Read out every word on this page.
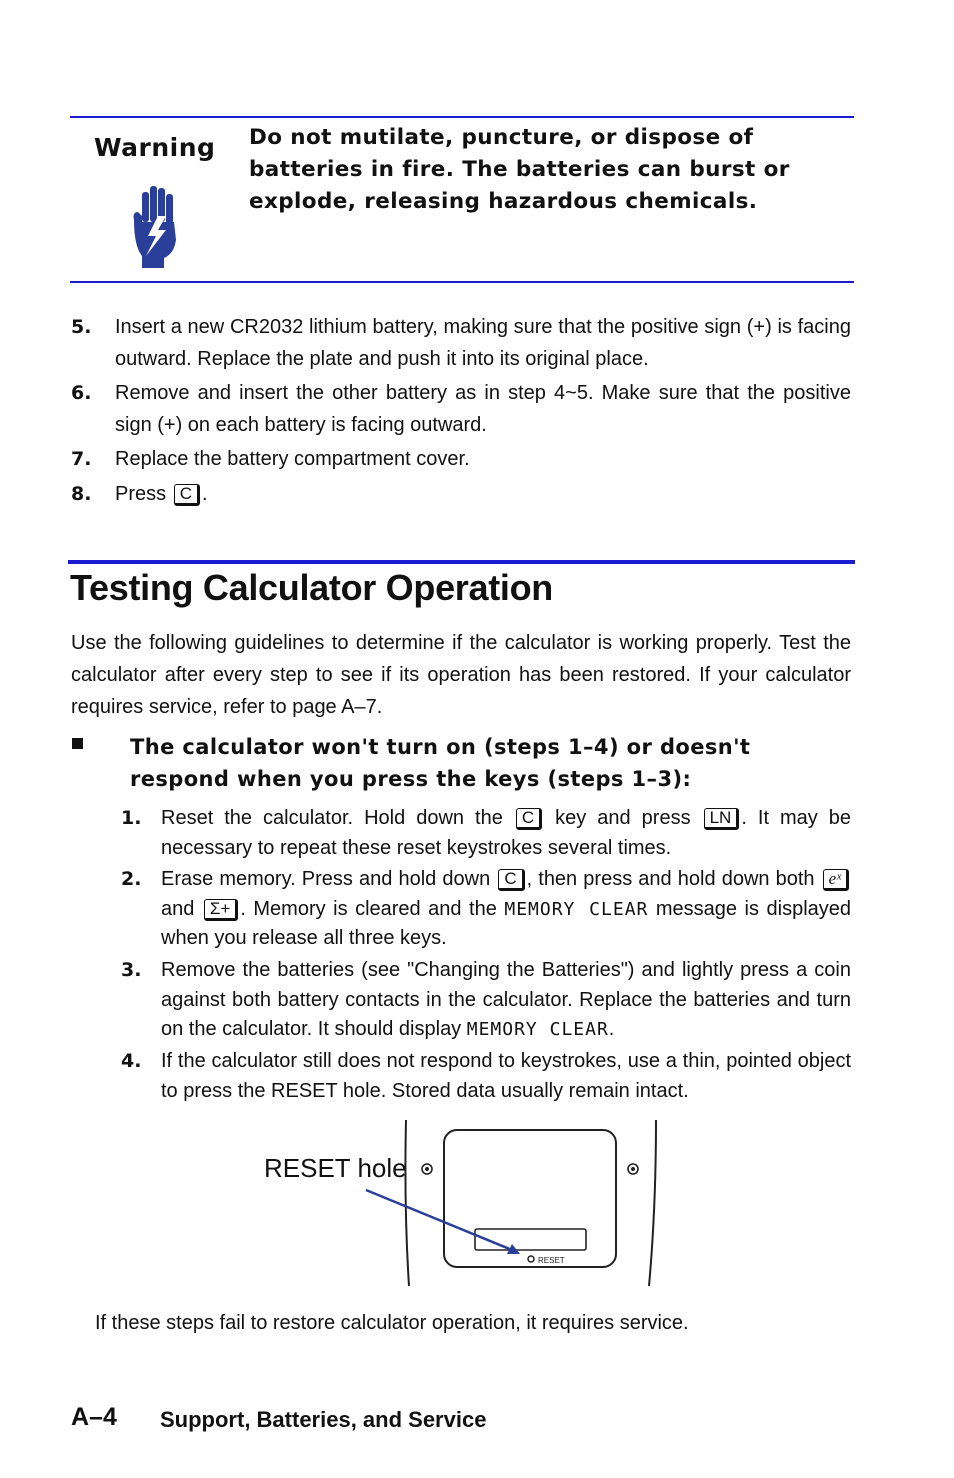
Warning Do not mutilate, puncture, or dispose of batteries in fire. The batteries can burst or explode, releasing hazardous chemicals.
5. Insert a new CR2032 lithium battery, making sure that the positive sign (+) is facing outward. Replace the plate and push it into its original place.
6. Remove and insert the other battery as in step 4~5. Make sure that the positive sign (+) on each battery is facing outward.
7. Replace the battery compartment cover.
8. Press C .
Testing Calculator Operation
Use the following guidelines to determine if the calculator is working properly. Test the calculator after every step to see if its operation has been restored. If your calculator requires service, refer to page A–7.
The calculator won't turn on (steps 1–4) or doesn't respond when you press the keys (steps 1–3):
1. Reset the calculator. Hold down the C key and press LN . It may be necessary to repeat these reset keystrokes several times.
2. Erase memory. Press and hold down C , then press and hold down both eˣ and Σ+ . Memory is cleared and the MEMORY CLEAR message is displayed when you release all three keys.
3. Remove the batteries (see "Changing the Batteries") and lightly press a coin against both battery contacts in the calculator. Replace the batteries and turn on the calculator. It should display MEMORY CLEAR.
4. If the calculator still does not respond to keystrokes, use a thin, pointed object to press the RESET hole. Stored data usually remain intact.
RESET hole
RESET
If these steps fail to restore calculator operation, it requires service.
A–4 Support, Batteries, and Service
